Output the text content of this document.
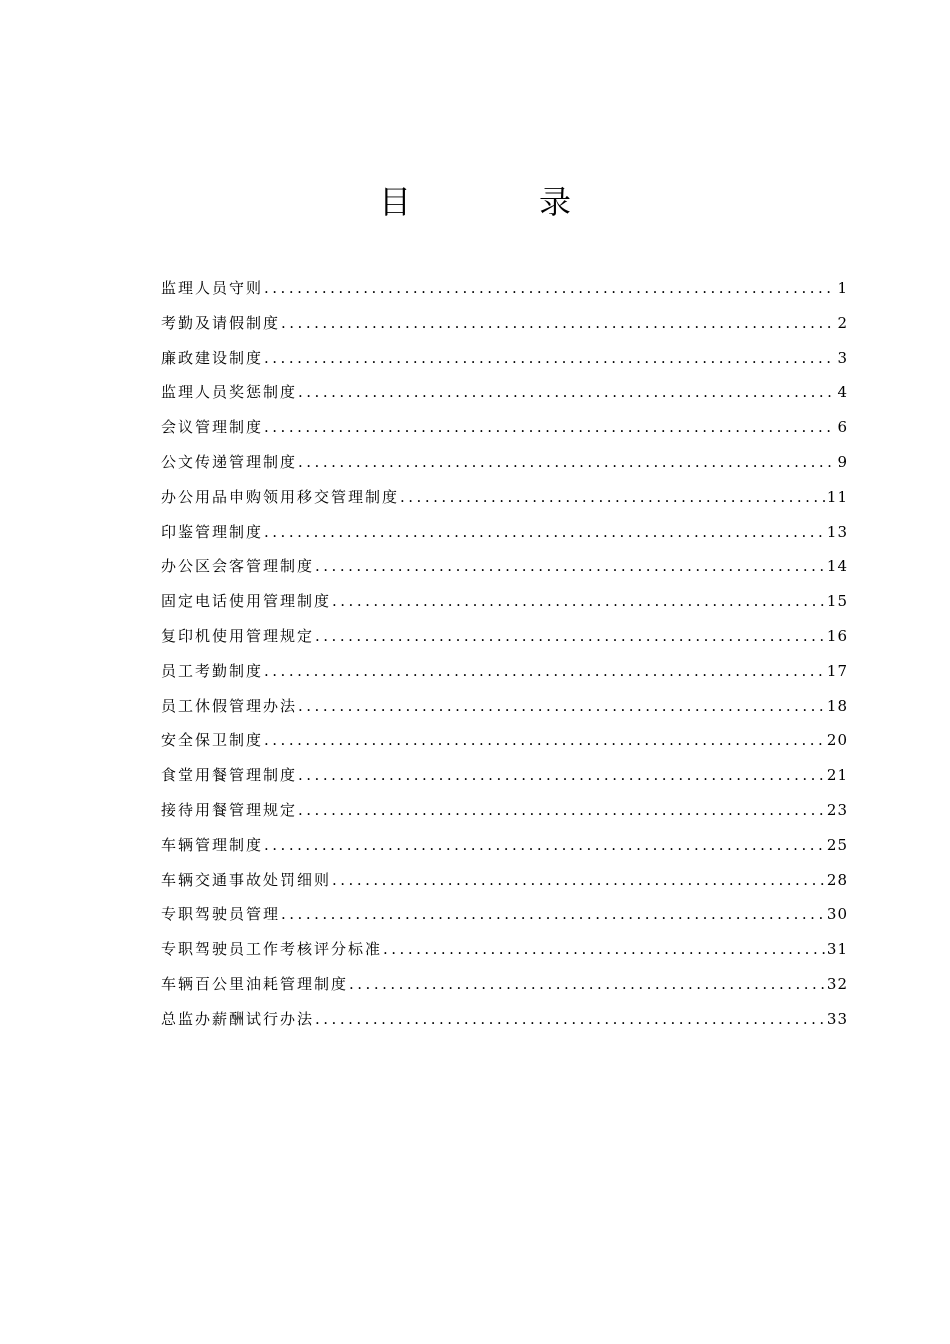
目　录
监理人员守则 .....	1
考勤及请假制度 .....	2
廉政建设制度 .....	3
监理人员奖惩制度 .....	4
会议管理制度 .....	6
公文传递管理制度 .....	9
办公用品申购领用移交管理制度 .....	11
印鉴管理制度 .....	13
办公区会客管理制度 .....	14
固定电话使用管理制度 .....	15
复印机使用管理规定 .....	16
员工考勤制度 .....	17
员工休假管理办法 .....	18
安全保卫制度 .....	20
食堂用餐管理制度 .....	21
接待用餐管理规定 .....	23
车辆管理制度 .....	25
车辆交通事故处罚细则 .....	28
专职驾驶员管理 .....	30
专职驾驶员工作考核评分标准 .....	31
车辆百公里油耗管理制度 .....	32
总监办薪酬试行办法 .....	33
